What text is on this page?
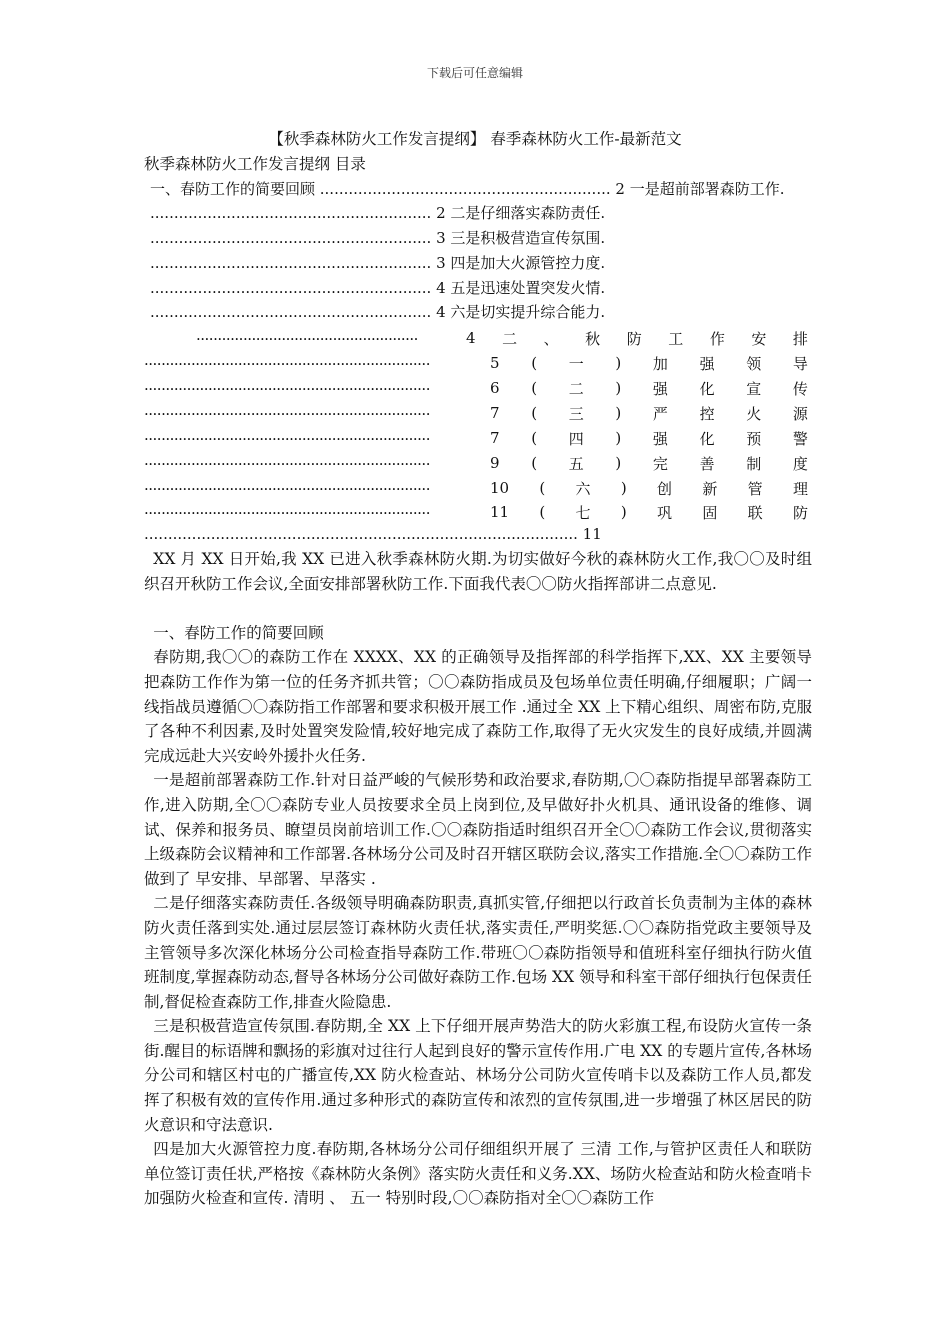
下载后可任意编辑
【秋季森林防火工作发言提纲】 春季森林防火工作-最新范文
秋季森林防火工作发言提纲 目录
一、春防工作的简要回顾 ............................................................. 2 一是超前部署森防工作.
........................................................... 2 二是仔细落实森防责任.
........................................................... 3 三是积极营造宣传氛围.
........................................................... 3 四是加大火源管控力度.
........................................................... 4 五是迅速处置突发火情.
........................................................... 4 六是切实提升综合能力.
....................................................	4 二 、 秋 防 工 作 安 排
...................................................................	5 ( 一 ) 加 强 领 导
...................................................................	6 ( 二 ) 强 化 宣 传
...................................................................	7 ( 三 ) 严 控 火 源
...................................................................	7 ( 四 ) 强 化 预 警
...................................................................	9 ( 五 ) 完 善 制 度
...................................................................	10 ( 六 ) 创 新 管 理
...................................................................	11 ( 七 ) 巩 固 联 防
........................................................................................... 11

XX 月 XX 日开始,我 XX 已进入秋季森林防火期.为切实做好今秋的森林防火工作,我〇〇及时组织召开秋防工作会议,全面安排部署秋防工作.下面我代表〇〇防火指挥部讲二点意见.

一、春防工作的简要回顾

春防期,我〇〇的森防工作在 XXXX、XX 的正确领导及指挥部的科学指挥下,XX、XX 主要领导把森防工作作为第一位的任务齐抓共管；〇〇森防指成员及包场单位责任明确,仔细履职；广阔一线指战员遵循〇〇森防指工作部署和要求积极开展工作 .通过全 XX 上下精心组织、周密布防,克服了各种不利因素,及时处置突发险情,较好地完成了森防工作,取得了无火灾发生的良好成绩,并圆满完成远赴大兴安岭外援扑火任务.

一是超前部署森防工作.针对日益严峻的气候形势和政治要求,春防期,〇〇森防指提早部署森防工作,进入防期,全〇〇森防专业人员按要求全员上岗到位,及早做好扑火机具、通讯设备的维修、调试、保养和报务员、瞭望员岗前培训工作.〇〇森防指适时组织召开全〇〇森防工作会议,贯彻落实上级森防会议精神和工作部署.各林场分公司及时召开辖区联防会议,落实工作措施.全〇〇森防工作做到了 早安排、早部署、早落实 .

二是仔细落实森防责任.各级领导明确森防职责,真抓实管,仔细把以行政首长负责制为主体的森林防火责任落到实处.通过层层签订森林防火责任状,落实责任,严明奖惩.〇〇森防指党政主要领导及主管领导多次深化林场分公司检查指导森防工作.带班〇〇森防指领导和值班科室仔细执行防火值班制度,掌握森防动态,督导各林场分公司做好森防工作.包场 XX 领导和科室干部仔细执行包保责任制,督促检查森防工作,排查火险隐患.

三是积极营造宣传氛围.春防期,全 XX 上下仔细开展声势浩大的防火彩旗工程,布设防火宣传一条街.醒目的标语牌和飘扬的彩旗对过往行人起到良好的警示宣传作用.广电 XX 的专题片宣传,各林场分公司和辖区村屯的广播宣传,XX 防火检查站、林场分公司防火宣传哨卡以及森防工作人员,都发挥了积极有效的宣传作用.通过多种形式的森防宣传和浓烈的宣传氛围,进一步增强了林区居民的防火意识和守法意识.

四是加大火源管控力度.春防期,各林场分公司仔细组织开展了 三清 工作,与管护区责任人和联防单位签订责任状,严格按《森林防火条例》落实防火责任和义务.XX、场防火检查站和防火检查哨卡加强防火检查和宣传. 清明 、 五一 特别时段,〇〇森防指对全〇〇森防工作
